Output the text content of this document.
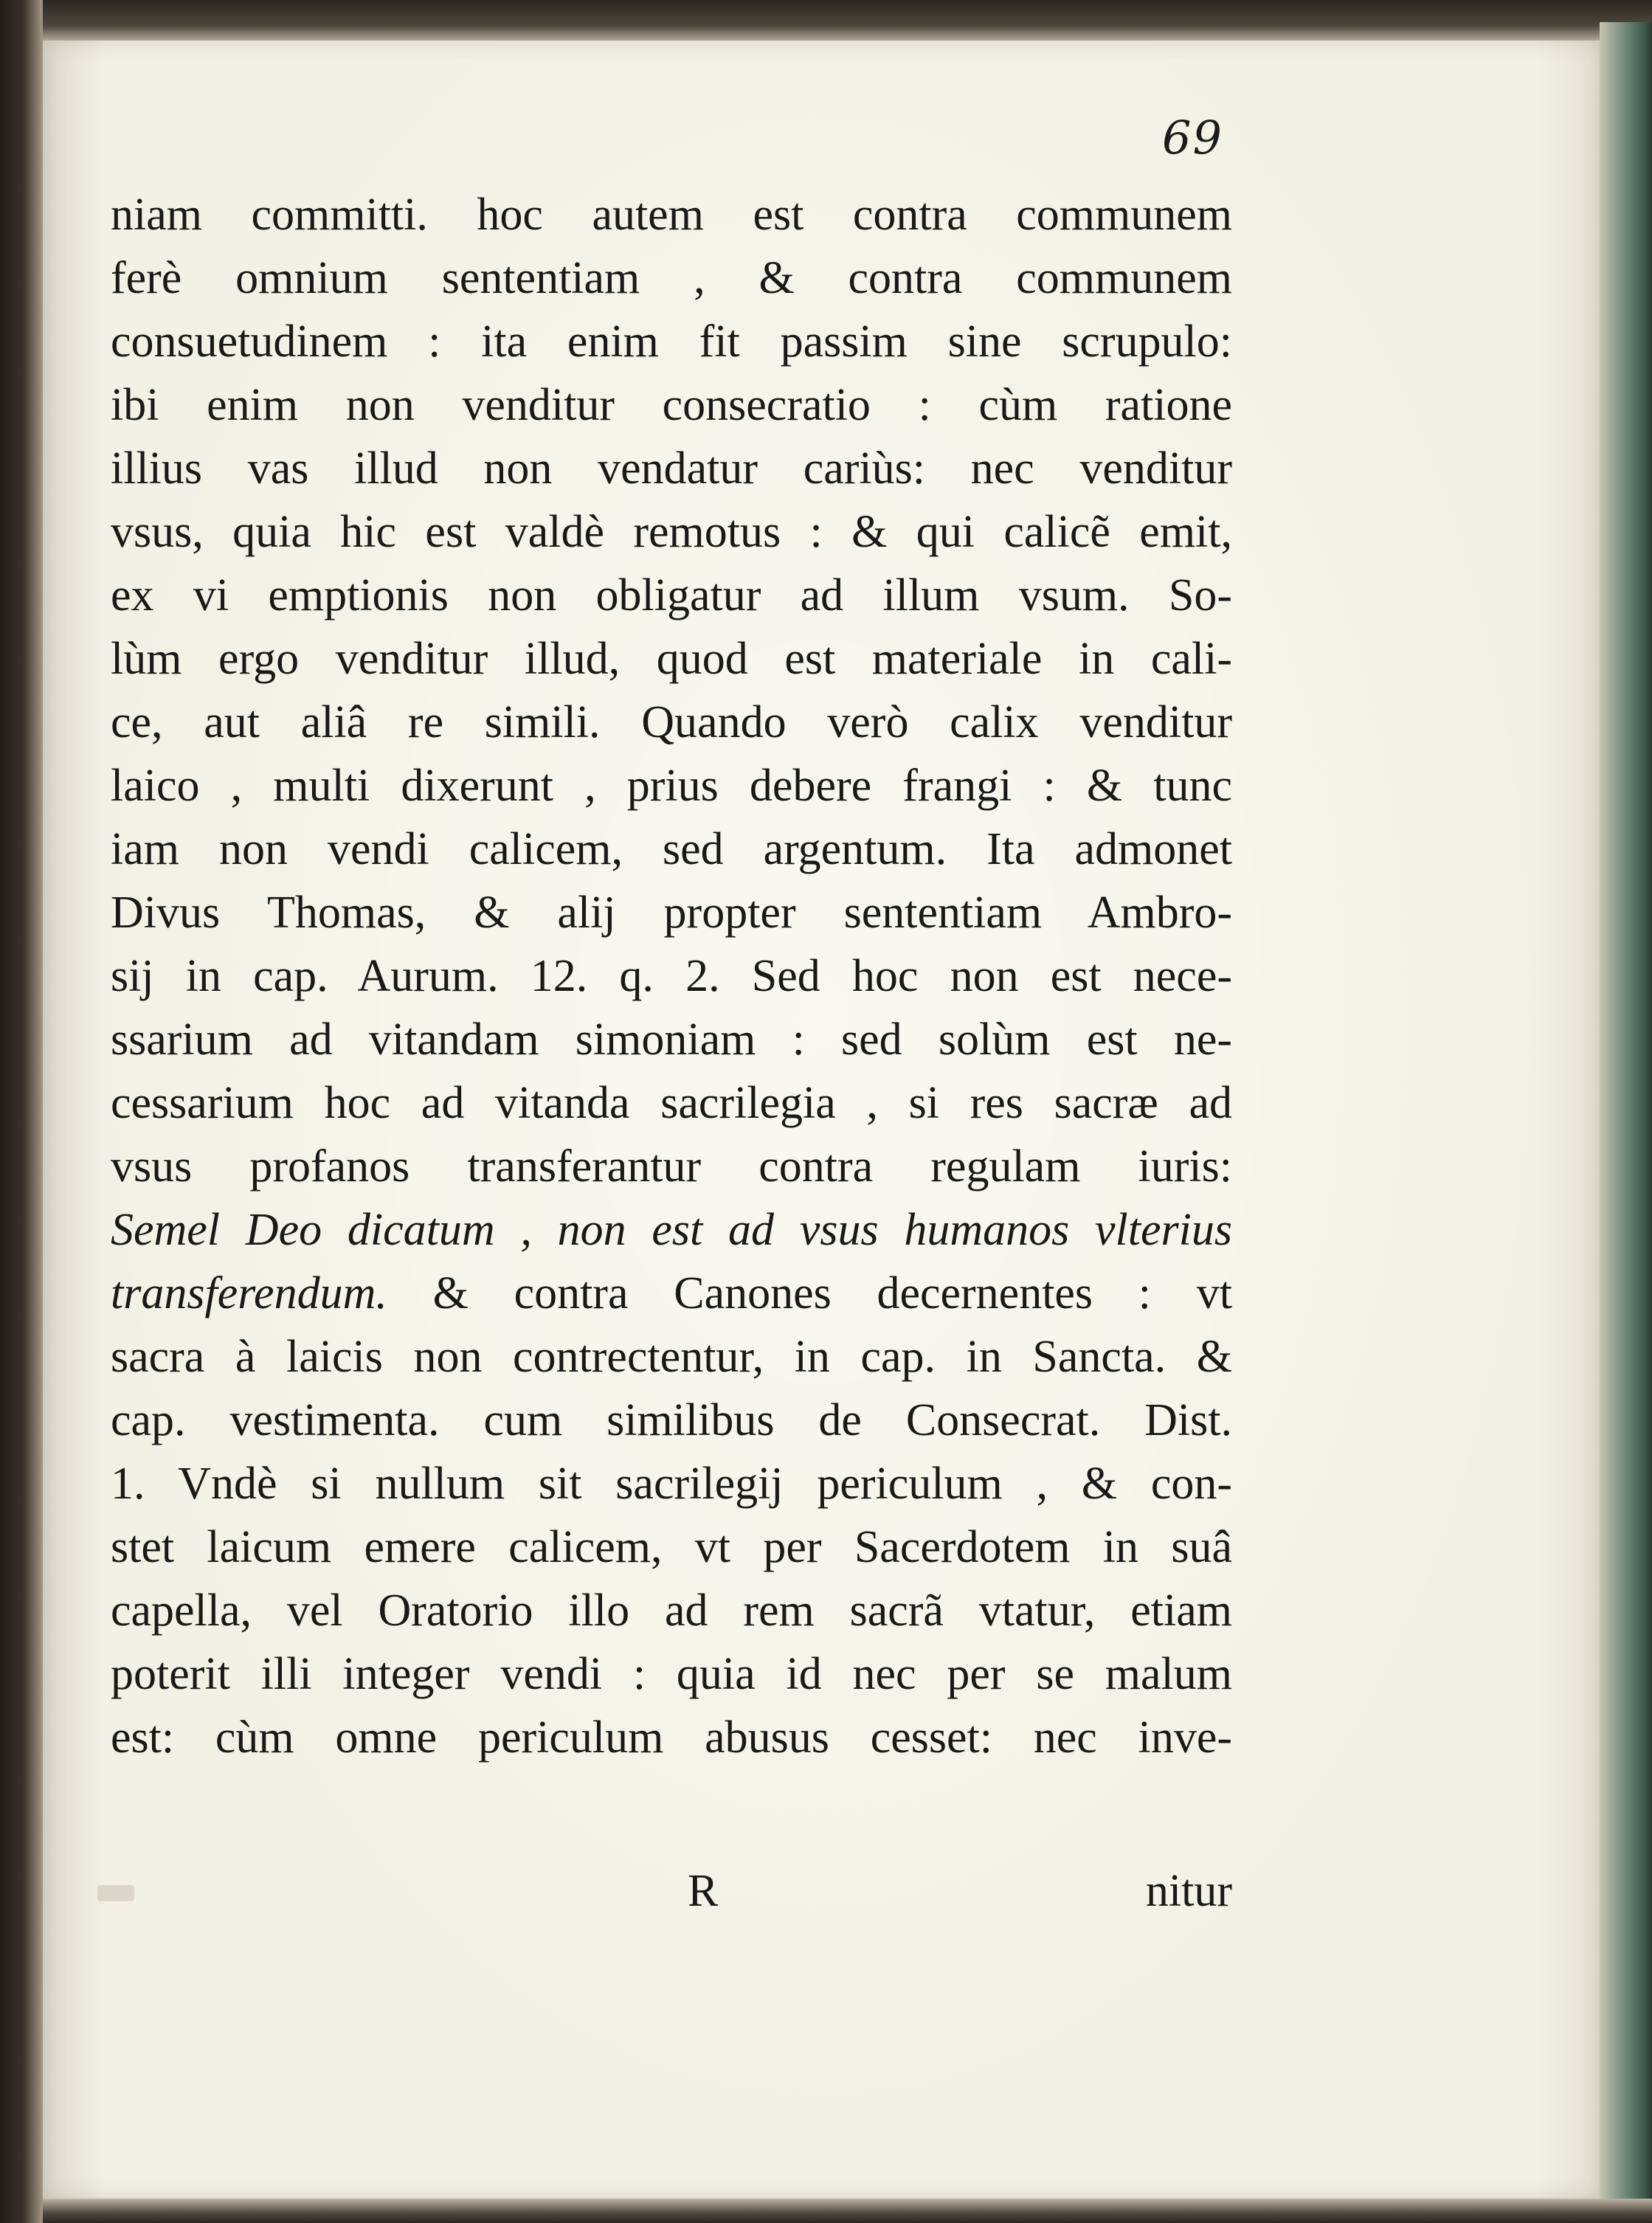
69
niam committi. hoc autem est contra communem
ferè omnium sententiam , & contra communem
consuetudinem : ita enim fit passim sine scrupulo:
ibi enim non venditur consecratio : cùm ratione
illius vas illud non vendatur cariùs: nec venditur
vsus, quia hic est valdè remotus : & qui calicẽ emit,
ex vi emptionis non obligatur ad illum vsum. So-
lùm ergo venditur illud, quod est materiale in cali-
ce, aut aliâ re simili. Quando verò calix venditur
laico , multi dixerunt , prius debere frangi : & tunc
iam non vendi calicem, sed argentum. Ita admonet
Divus Thomas, & alij propter sententiam Ambro-
sij in cap. Aurum. 12. q. 2. Sed hoc non est nece-
ssarium ad vitandam simoniam : sed solùm est ne-
cessarium hoc ad vitanda sacrilegia , si res sacræ ad
vsus profanos transferantur contra regulam iuris:
Semel Deo dicatum , non est ad vsus humanos vlterius
transferendum. & contra Canones decernentes : vt
sacra à laicis non contrectentur, in cap. in Sancta. &
cap. vestimenta. cum similibus de Consecrat. Dist.
1. Vndè si nullum sit sacrilegij periculum , & con-
stet laicum emere calicem, vt per Sacerdotem in suâ
capella, vel Oratorio illo ad rem sacrã vtatur, etiam
poterit illi integer vendi : quia id nec per se malum
est: cùm omne periculum abusus cesset: nec inve-
R	nitur
